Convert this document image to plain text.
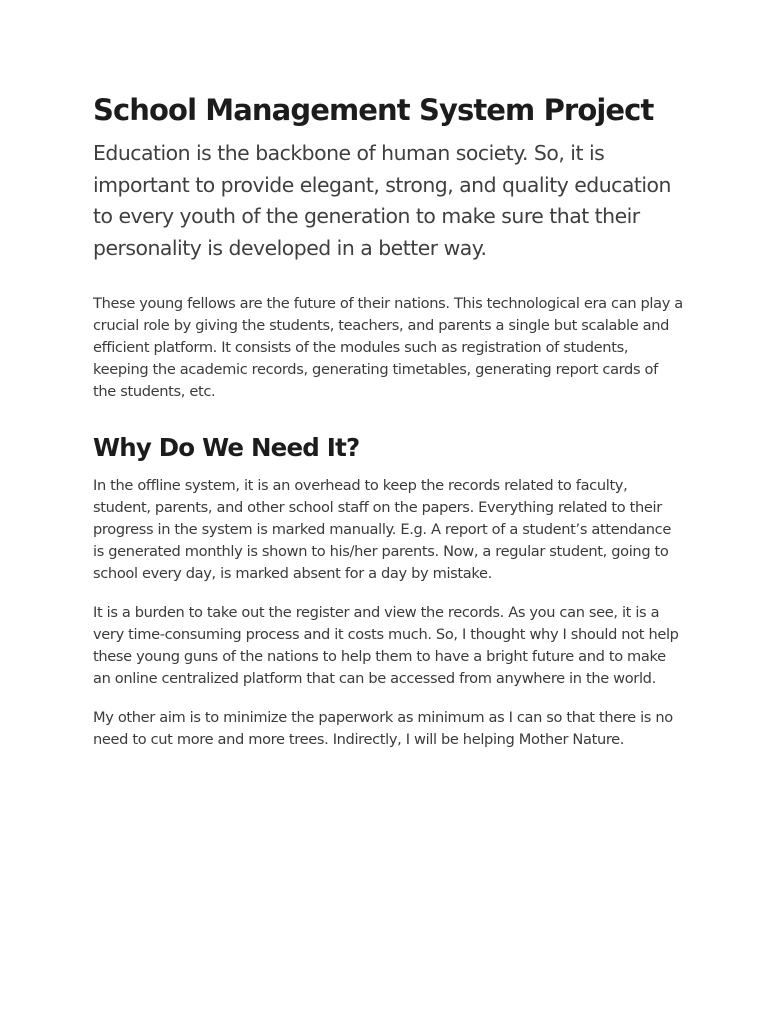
School Management System Project

Education is the backbone of human society. So, it is important to provide elegant, strong, and quality education to every youth of the generation to make sure that their personality is developed in a better way.

These young fellows are the future of their nations. This technological era can play a crucial role by giving the students, teachers, and parents a single but scalable and efficient platform. It consists of the modules such as registration of students, keeping the academic records, generating timetables, generating report cards of the students, etc.

Why Do We Need It?

In the offline system, it is an overhead to keep the records related to faculty, student, parents, and other school staff on the papers. Everything related to their progress in the system is marked manually. E.g. A report of a student’s attendance is generated monthly is shown to his/her parents. Now, a regular student, going to school every day, is marked absent for a day by mistake.

It is a burden to take out the register and view the records. As you can see, it is a very time-consuming process and it costs much. So, I thought why I should not help these young guns of the nations to help them to have a bright future and to make an online centralized platform that can be accessed from anywhere in the world.

My other aim is to minimize the paperwork as minimum as I can so that there is no need to cut more and more trees. Indirectly, I will be helping Mother Nature.
